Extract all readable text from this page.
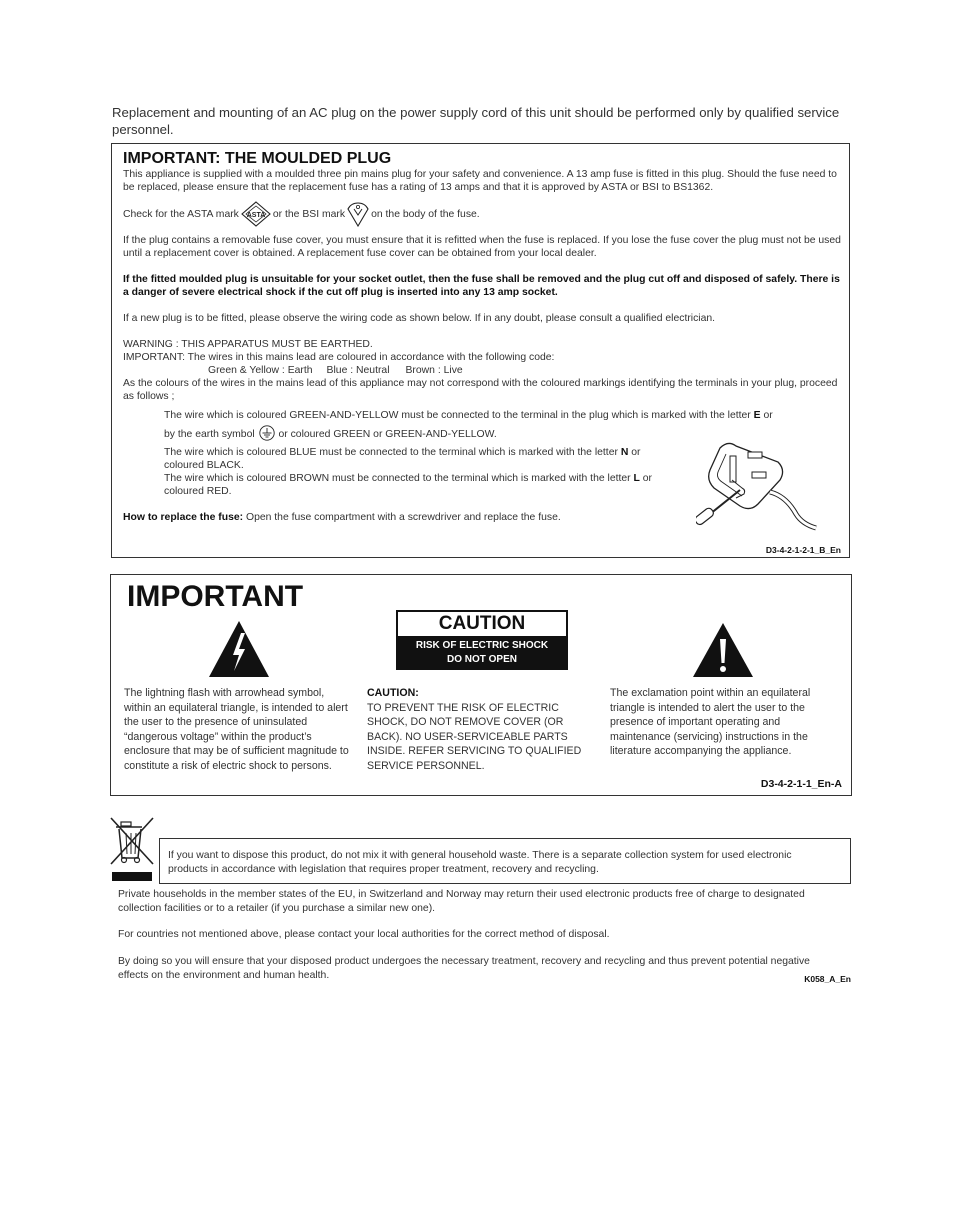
Replacement and mounting of an AC plug on the power supply cord of this unit should be performed only by qualified service personnel.

IMPORTANT: THE MOULDED PLUG

This appliance is supplied with a moulded three pin mains plug for your safety and convenience. A 13 amp fuse is fitted in this plug. Should the fuse need to be replaced, please ensure that the replacement fuse has a rating of 13 amps and that it is approved by ASTA or BSI to BS1362.

Check for the ASTA mark ASTA or the BSI mark	on the body of the fuse.

If the plug contains a removable fuse cover, you must ensure that it is refitted when the fuse is replaced. If you lose the fuse cover the plug must not be used until a replacement cover is obtained. A replacement fuse cover can be obtained from your local dealer.

If the fitted moulded plug is unsuitable for your socket outlet, then the fuse shall be removed and the plug cut off and disposed of safely. There is a danger of severe electrical shock if the cut off plug is inserted into any 13 amp socket.

If a new plug is to be fitted, please observe the wiring code as shown below. If in any doubt, please consult a qualified electrician.

WARNING : THIS APPARATUS MUST BE EARTHED.

IMPORTANT: The wires in this mains lead are coloured in accordance with the following code:

Green & Yellow : Earth Blue : Neutral Brown : Live

As the colours of the wires in the mains lead of this appliance may not correspond with the coloured markings identifying the terminals in your plug, proceed as follows ;

The wire which is coloured GREEN-AND-YELLOW must be connected to the terminal in the plug which is marked with the letter E or
by the earth symbol or coloured GREEN or GREEN-AND-YELLOW.

The wire which is coloured BLUE must be connected to the terminal which is marked with the letter N or coloured BLACK.

The wire which is coloured BROWN must be connected to the terminal which is marked with the letter L or coloured RED.

How to replace the fuse: Open the fuse compartment with a screwdriver and replace the fuse.

D3-4-2-1-2-1_B_En
IMPORTANT
CAUTION
RISK OF ELECTRIC SHOCK
DO NOT OPEN

The lightning flash with arrowhead symbol, within an equilateral triangle, is intended to alert the user to the presence of uninsulated “dangerous voltage” within the product’s enclosure that may be of sufficient magnitude to constitute a risk of electric shock to persons.

CAUTION:
TO PREVENT THE RISK OF ELECTRIC SHOCK, DO NOT REMOVE COVER (OR BACK). NO USER-SERVICEABLE PARTS INSIDE. REFER SERVICING TO QUALIFIED SERVICE PERSONNEL.

The exclamation point within an equilateral triangle is intended to alert the user to the presence of important operating and maintenance (servicing) instructions in the literature accompanying the appliance.

D3-4-2-1-1_En-A

If you want to dispose this product, do not mix it with general household waste. There is a separate collection system for used electronic products in accordance with legislation that requires proper treatment, recovery and recycling.

Private households in the member states of the EU, in Switzerland and Norway may return their used electronic products free of charge to designated collection facilities or to a retailer (if you purchase a similar new one).

For countries not mentioned above, please contact your local authorities for the correct method of disposal.

By doing so you will ensure that your disposed product undergoes the necessary treatment, recovery and recycling and thus prevent potential negative effects on the environment and human health.	K058_A_En
